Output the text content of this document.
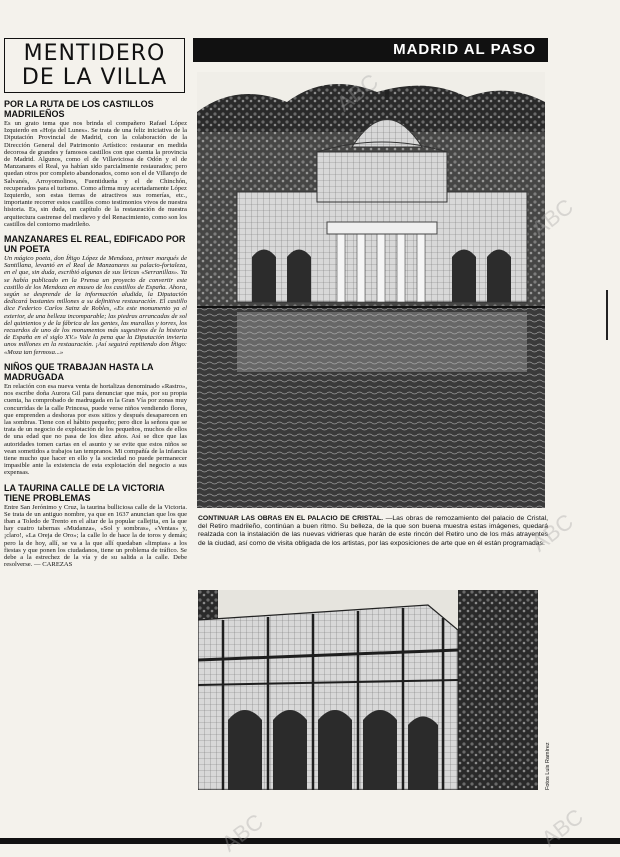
MENTIDERO
DE LA VILLA
POR LA RUTA DE LOS CASTILLOS MADRILEÑOS

Es un grato tema que nos brinda el compañero Rafael López Izquierdo en «Hoja del Lunes». Se trata de una feliz iniciativa de la Diputación Provincial de Madrid, con la colaboración de la Dirección General del Patrimonio Artístico: restaurar en medida decorosa de grandes y famosos castillos con que cuenta la provincia de Madrid. Algunos, como el de Villaviciosa de Odón y el de Manzanares el Real, ya habían sido parcialmente restaurados; pero quedan otros por completo abandonados, como son el de Villarejo de Salvanés, Arroyomolinos, Fuentidueña y el de Chinchón, recuperados para el turismo. Como afirma muy acertadamente López Izquierdo, son estas tierras de atractivos sus romerías, etc., importante recorrer estos castillos como testimonios vivos de nuestra historia. Es, sin duda, un capítulo de la restauración de nuestra arquitectura castrense del medievo y del Renacimiento, como son los castillos del contorno madrileño.

MANZANARES EL REAL, EDIFICADO POR UN POETA

Un mágico poeta, don Íñigo López de Mendoza, primer marqués de Santillana, levantó en el Real de Manzanares su palacio-fortaleza, en el que, sin duda, escribió algunas de sus líricas «Serranillas». Ya se había publicado en la Prensa un proyecto de convertir este castillo de los Mendoza en museo de los castillos de España. Ahora, según se desprende de la información aludida, la Diputación dedicará bastantes millones a su definitiva restauración. El castillo dice Federico Carlos Sainz de Robles, «Es este monumento ya el exterior, de una belleza incomparable; las piedras arrancadas de sol del quinientos y de la fábrica de las gentes, las murallas y torres, los recuerdos de uno de los monumentos más sugestivos de la historia de España en el siglo XV.» Vale la pena que la Diputación invierta unos millones en la restauración. ¡Así seguirá repitiendo don Íñigo: «Moza tan fermosa...»

NIÑOS QUE TRABAJAN HASTA LA MADRUGADA

En relación con esa nueva venta de hortalizas denominado «Rastro», nos escribe doña Aurora Gil para denunciar que más, por su propia cuenta, ha comprobado de madrugada en la Gran Vía por zonas muy concurridas de la calle Princesa, puede verse niños vendiendo flores, que emprenden a deshoras por esos sitios y después desaparecen en las sombras. Tiene con el hábito pequeño; pero dice la señora que se trata de un negocio de explotación de los pequeños, muchos de ellos de una edad que no pasa de los diez años. Así se dice que las autoridades tomen cartas en el asunto y se evite que estos niños se vean sometidos a trabajos tan tempranos. Mi compañía de la infancia tiene mucho que hacer en ello y la sociedad no puede permanecer impasible ante la existencia de esta explotación del negocio a sus expensas.

LA TAURINA CALLE DE LA VICTORIA TIENE PROBLEMAS

Entre San Jerónimo y Cruz, la taurina bulliciosa calle de la Victoria. Se trata de un antiguo nombre, ya que en 1637 anuncian que los que iban a Toledo de Trento en el altar de la popular callejita, en la que hay cuatro tabernas «Mudanza», «Sol y sombras», «Ventas» y, ¡claro!, «La Oreja de Oro»; la calle lo de hace la de toros y demás; pero la de hoy, allí, se va a la que allí quedaban «limpias» a los fiestas y que ponen los ciudadanos, tiene un problema de tráfico. Se debe a la estrechez de la vía y de su salida a la calle. Debe resolverse. — CAREZAS

MADRID AL PASO
CONTINUAR LAS OBRAS EN EL PALACIO DE CRISTAL. —Las obras de remozamiento del palacio de Cristal, del Retiro madrileño, continúan a buen ritmo. Su belleza, de la que son buena muestra estas imágenes, quedará realzada con la instalación de las nuevas vidrieras que harán de este rincón del Retiro uno de los más atrayentes de la ciudad, así como de visita obligada de los artistas, por las exposiciones de arte que en él están programadas.
Fotos Luis Ramírez
ABC
ABC
ABC
ABC	ABC
